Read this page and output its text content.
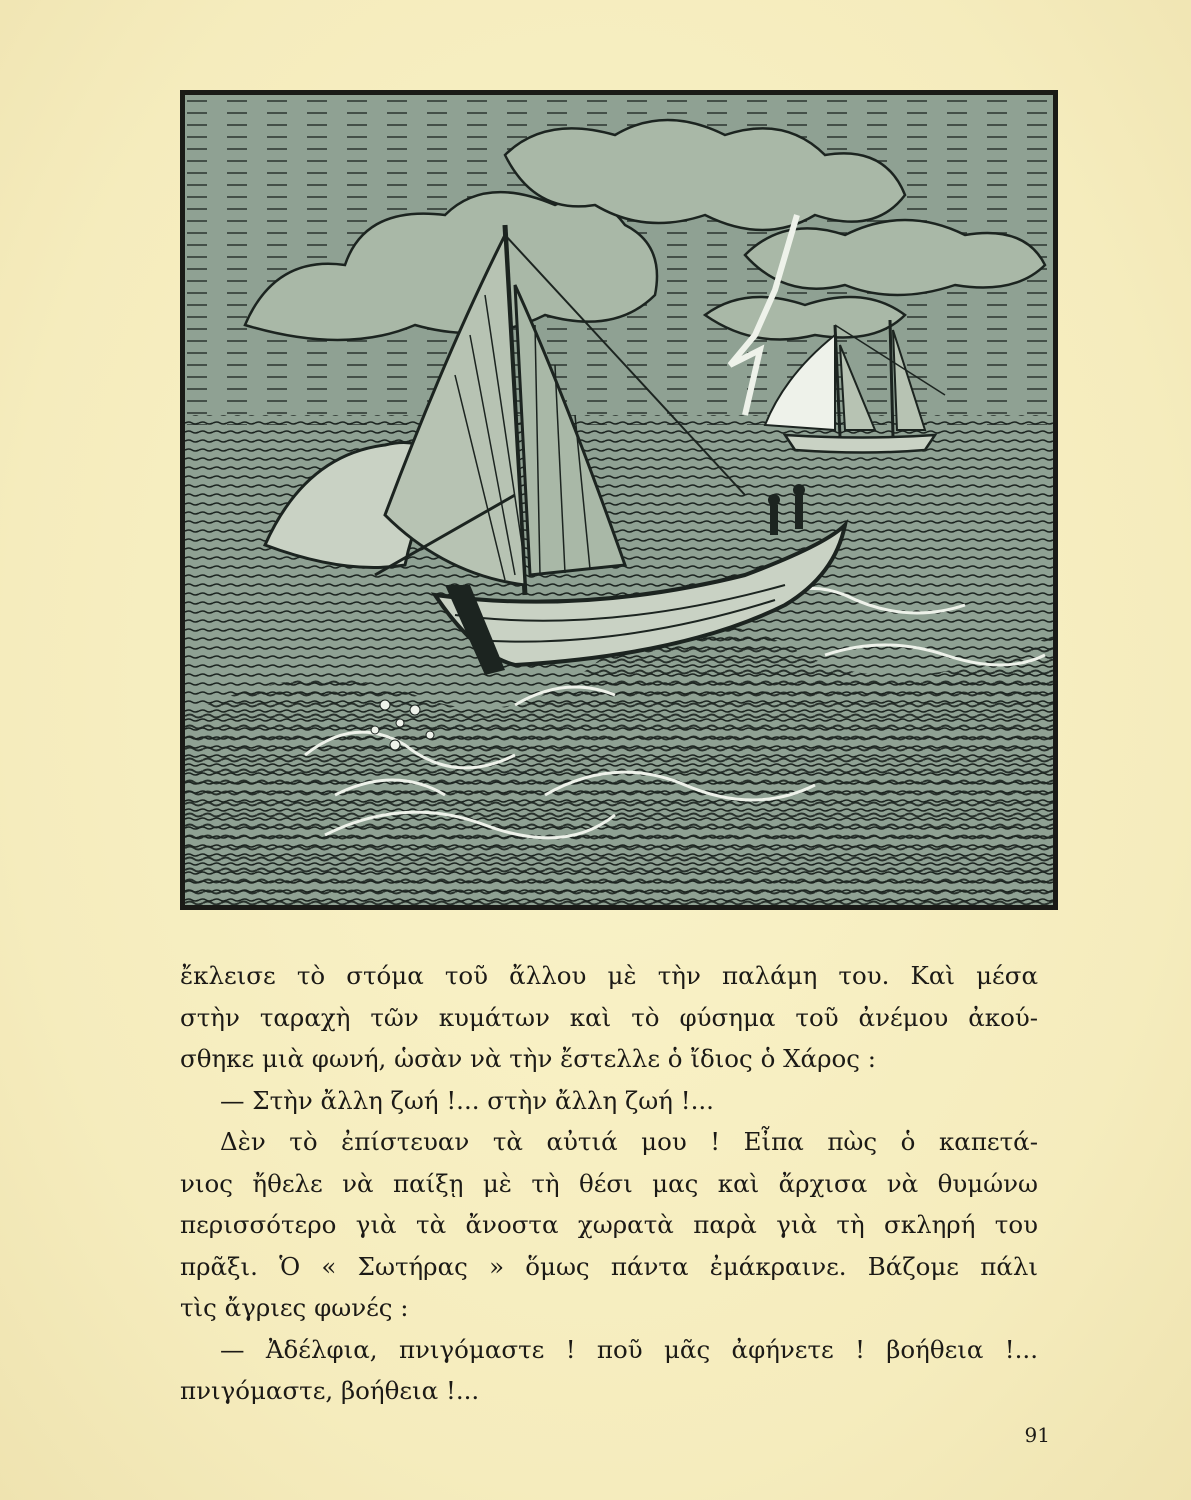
ἔκλεισε τὸ στόμα τοῦ ἄλλου μὲ τὴν παλάμη του. Καὶ μέσα
στὴν ταραχὴ τῶν κυμάτων καὶ τὸ φύσημα τοῦ ἀνέμου ἀκού-
σθηκε μιὰ φωνή, ὡσὰν νὰ τὴν ἔστελλε ὁ ἴδιος ὁ Χάρος :
— Στὴν ἄλλη ζωή !... στὴν ἄλλη ζωή !...
Δὲν τὸ ἐπίστευαν τὰ αὐτιά μου ! Εἶπα πὼς ὁ καπετά-
νιος ἤθελε νὰ παίξῃ μὲ τὴ θέσι μας καὶ ἄρχισα νὰ θυμώνω
περισσότερο γιὰ τὰ ἄνοστα χωρατὰ παρὰ γιὰ τὴ σκληρή του
πρᾶξι. Ὁ « Σωτήρας » ὅμως πάντα ἐμάκραινε. Βάζομε πάλι
τὶς ἄγριες φωνές :
— Ἀδέλφια, πνιγόμαστε ! ποῦ μᾶς ἀφήνετε ! βοήθεια !...
πνιγόμαστε, βοήθεια !...
91
